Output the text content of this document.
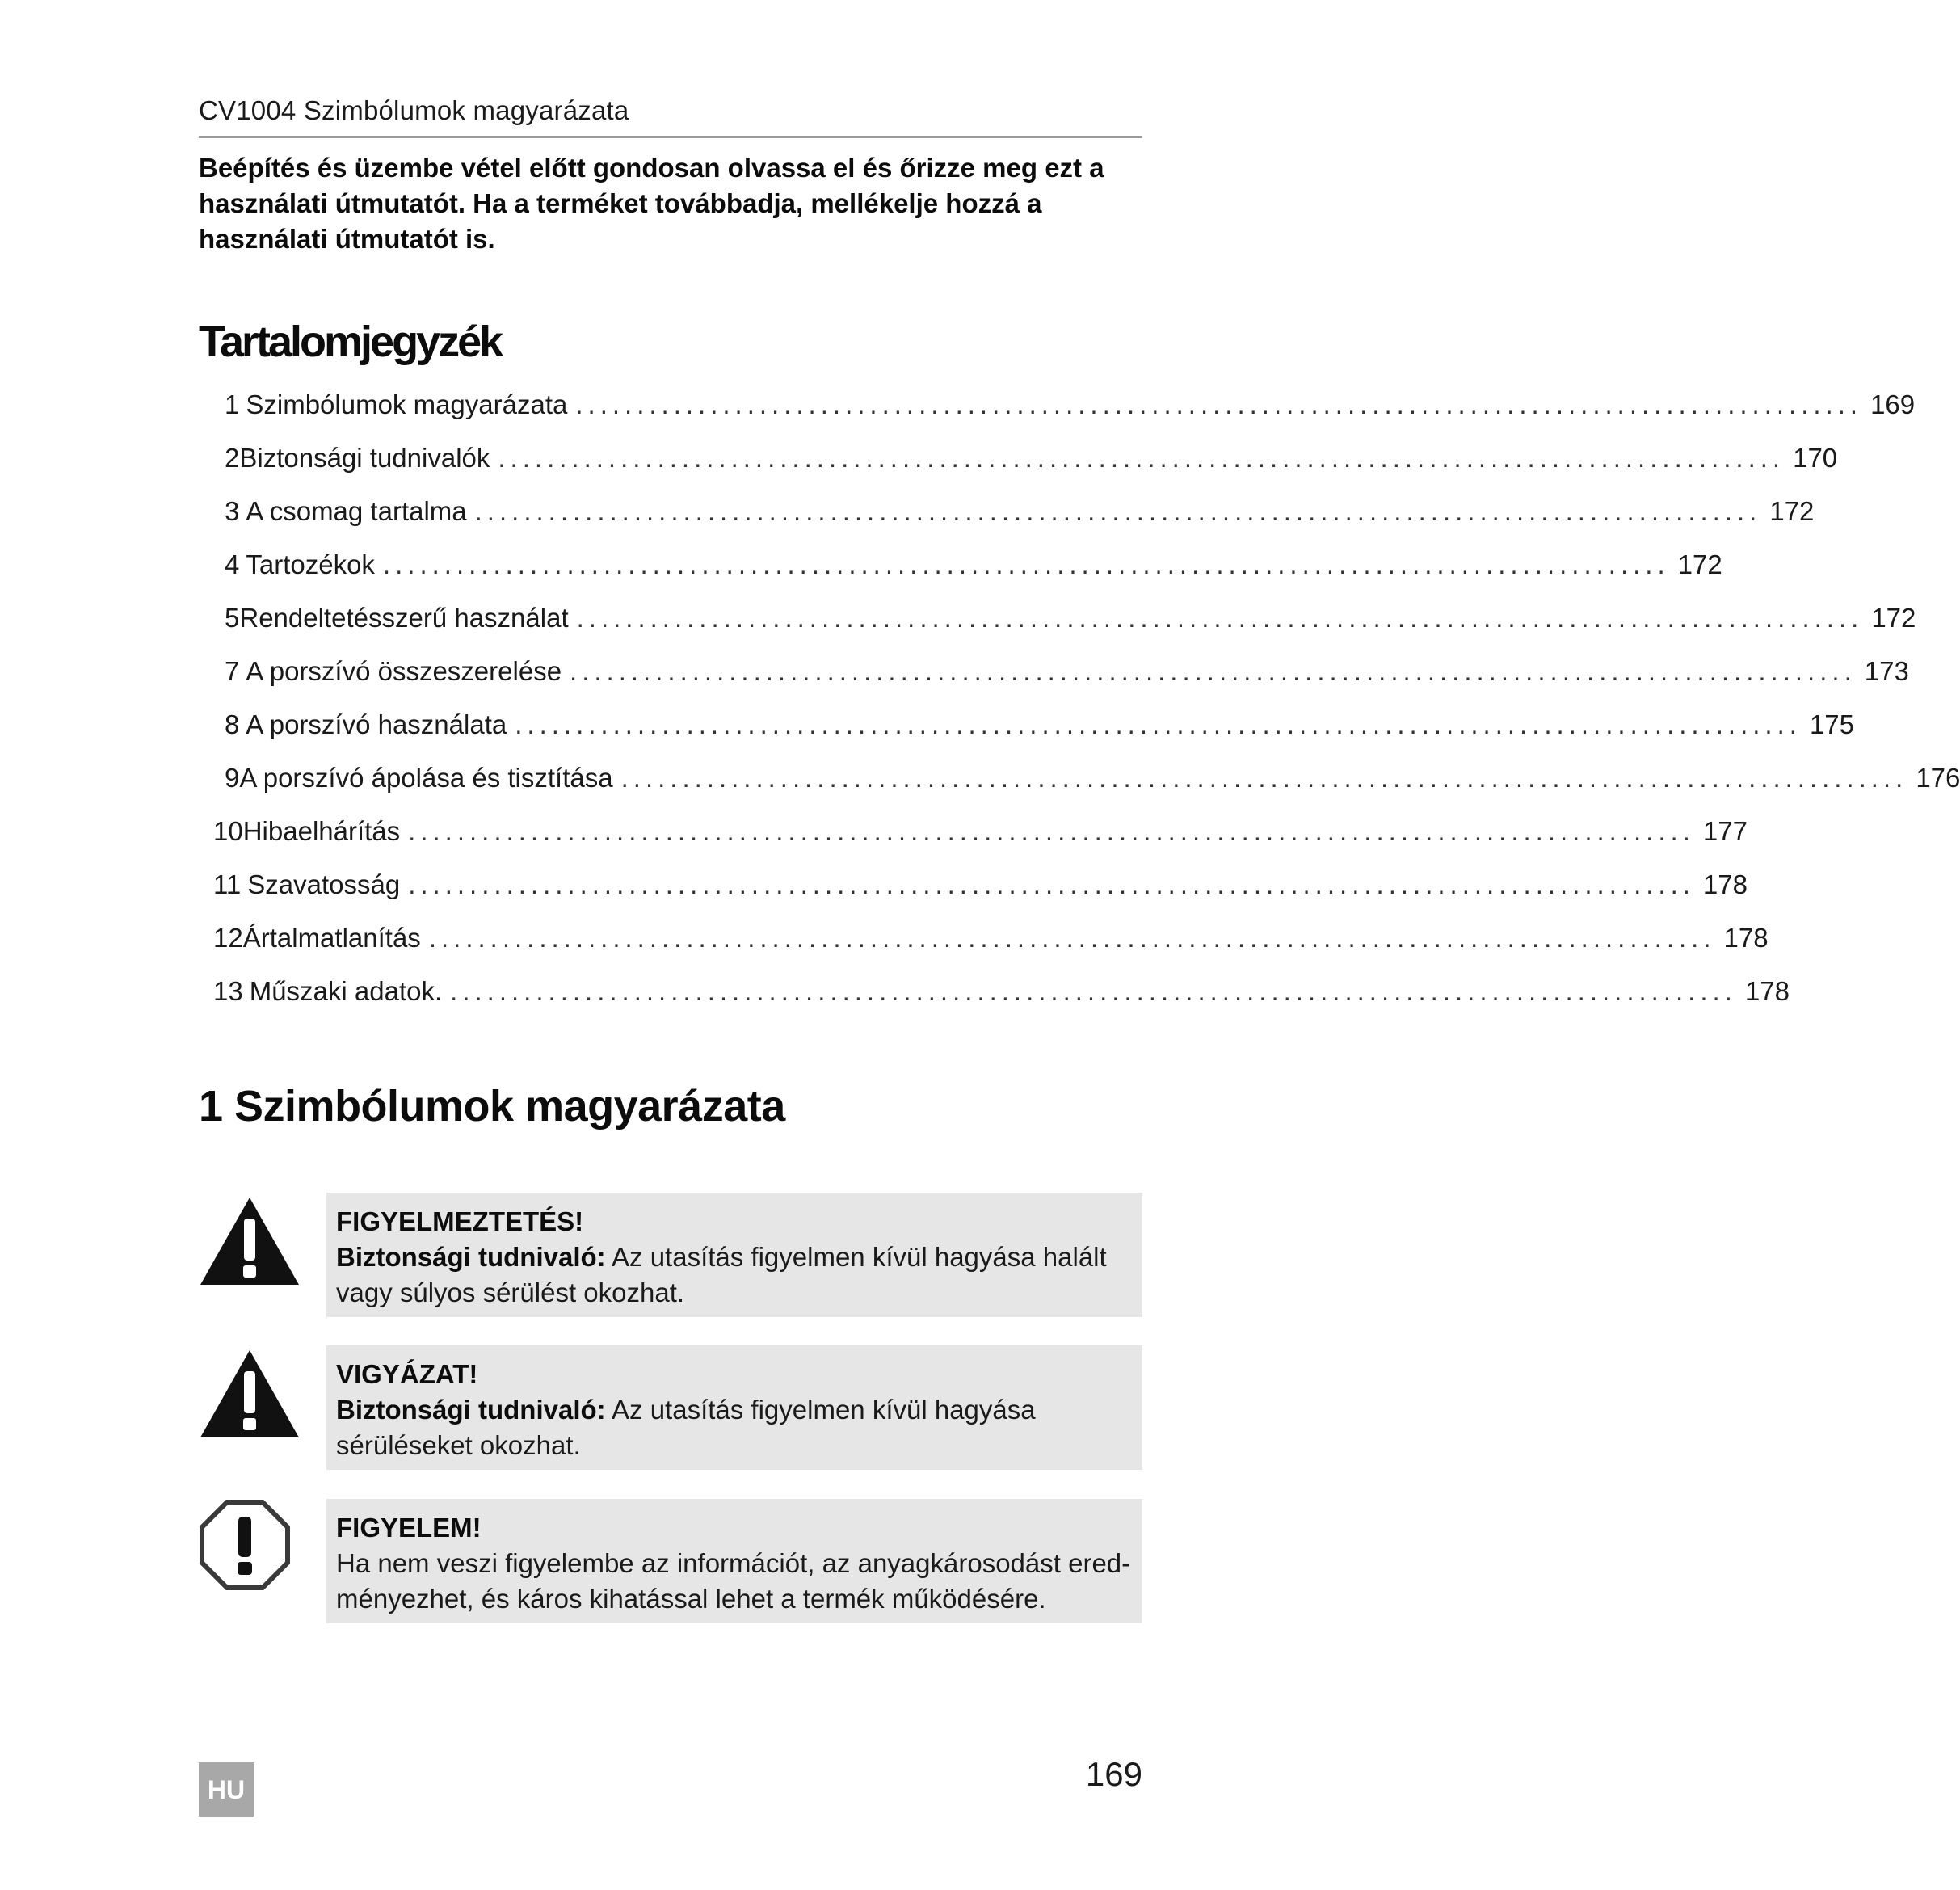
CV1004 Szimbólumok magyarázata
Beépítés és üzembe vétel előtt gondosan olvassa el és őrizze meg ezt a használati útmutatót. Ha a terméket továbbadja, mellékelje hozzá a használati útmutatót is.
Tartalomjegyzék
1 Szimbólumok magyarázata ......................................................................................................... 169
2 Biztonsági tudnivalók ......................................................................................................... 170
3 A csomag tartalma ......................................................................................................... 172
4 Tartozékok ......................................................................................................... 172
5 Rendeltetésszerű használat ......................................................................................................... 172
7 A porszívó összeszerelése ......................................................................................................... 173
8 A porszívó használata ......................................................................................................... 175
9 A porszívó ápolása és tisztítása ......................................................................................................... 176
10 Hibaelhárítás ......................................................................................................... 177
11 Szavatosság ......................................................................................................... 178
12 Ártalmatlanítás ......................................................................................................... 178
13 Műszaki adatok. ......................................................................................................... 178
1 Szimbólumok magyarázata
FIGYELMEZTETÉS!
Biztonsági tudnivaló: Az utasítás figyelmen kívül hagyása halált vagy súlyos sérülést okozhat.
VIGYÁZAT!
Biztonsági tudnivaló: Az utasítás figyelmen kívül hagyása sérüléseket okozhat.
FIGYELEM!
Ha nem veszi figyelembe az információt, az anyagkárosodást eredményezhet, és káros kihatással lehet a termék működésére.
HU	169
